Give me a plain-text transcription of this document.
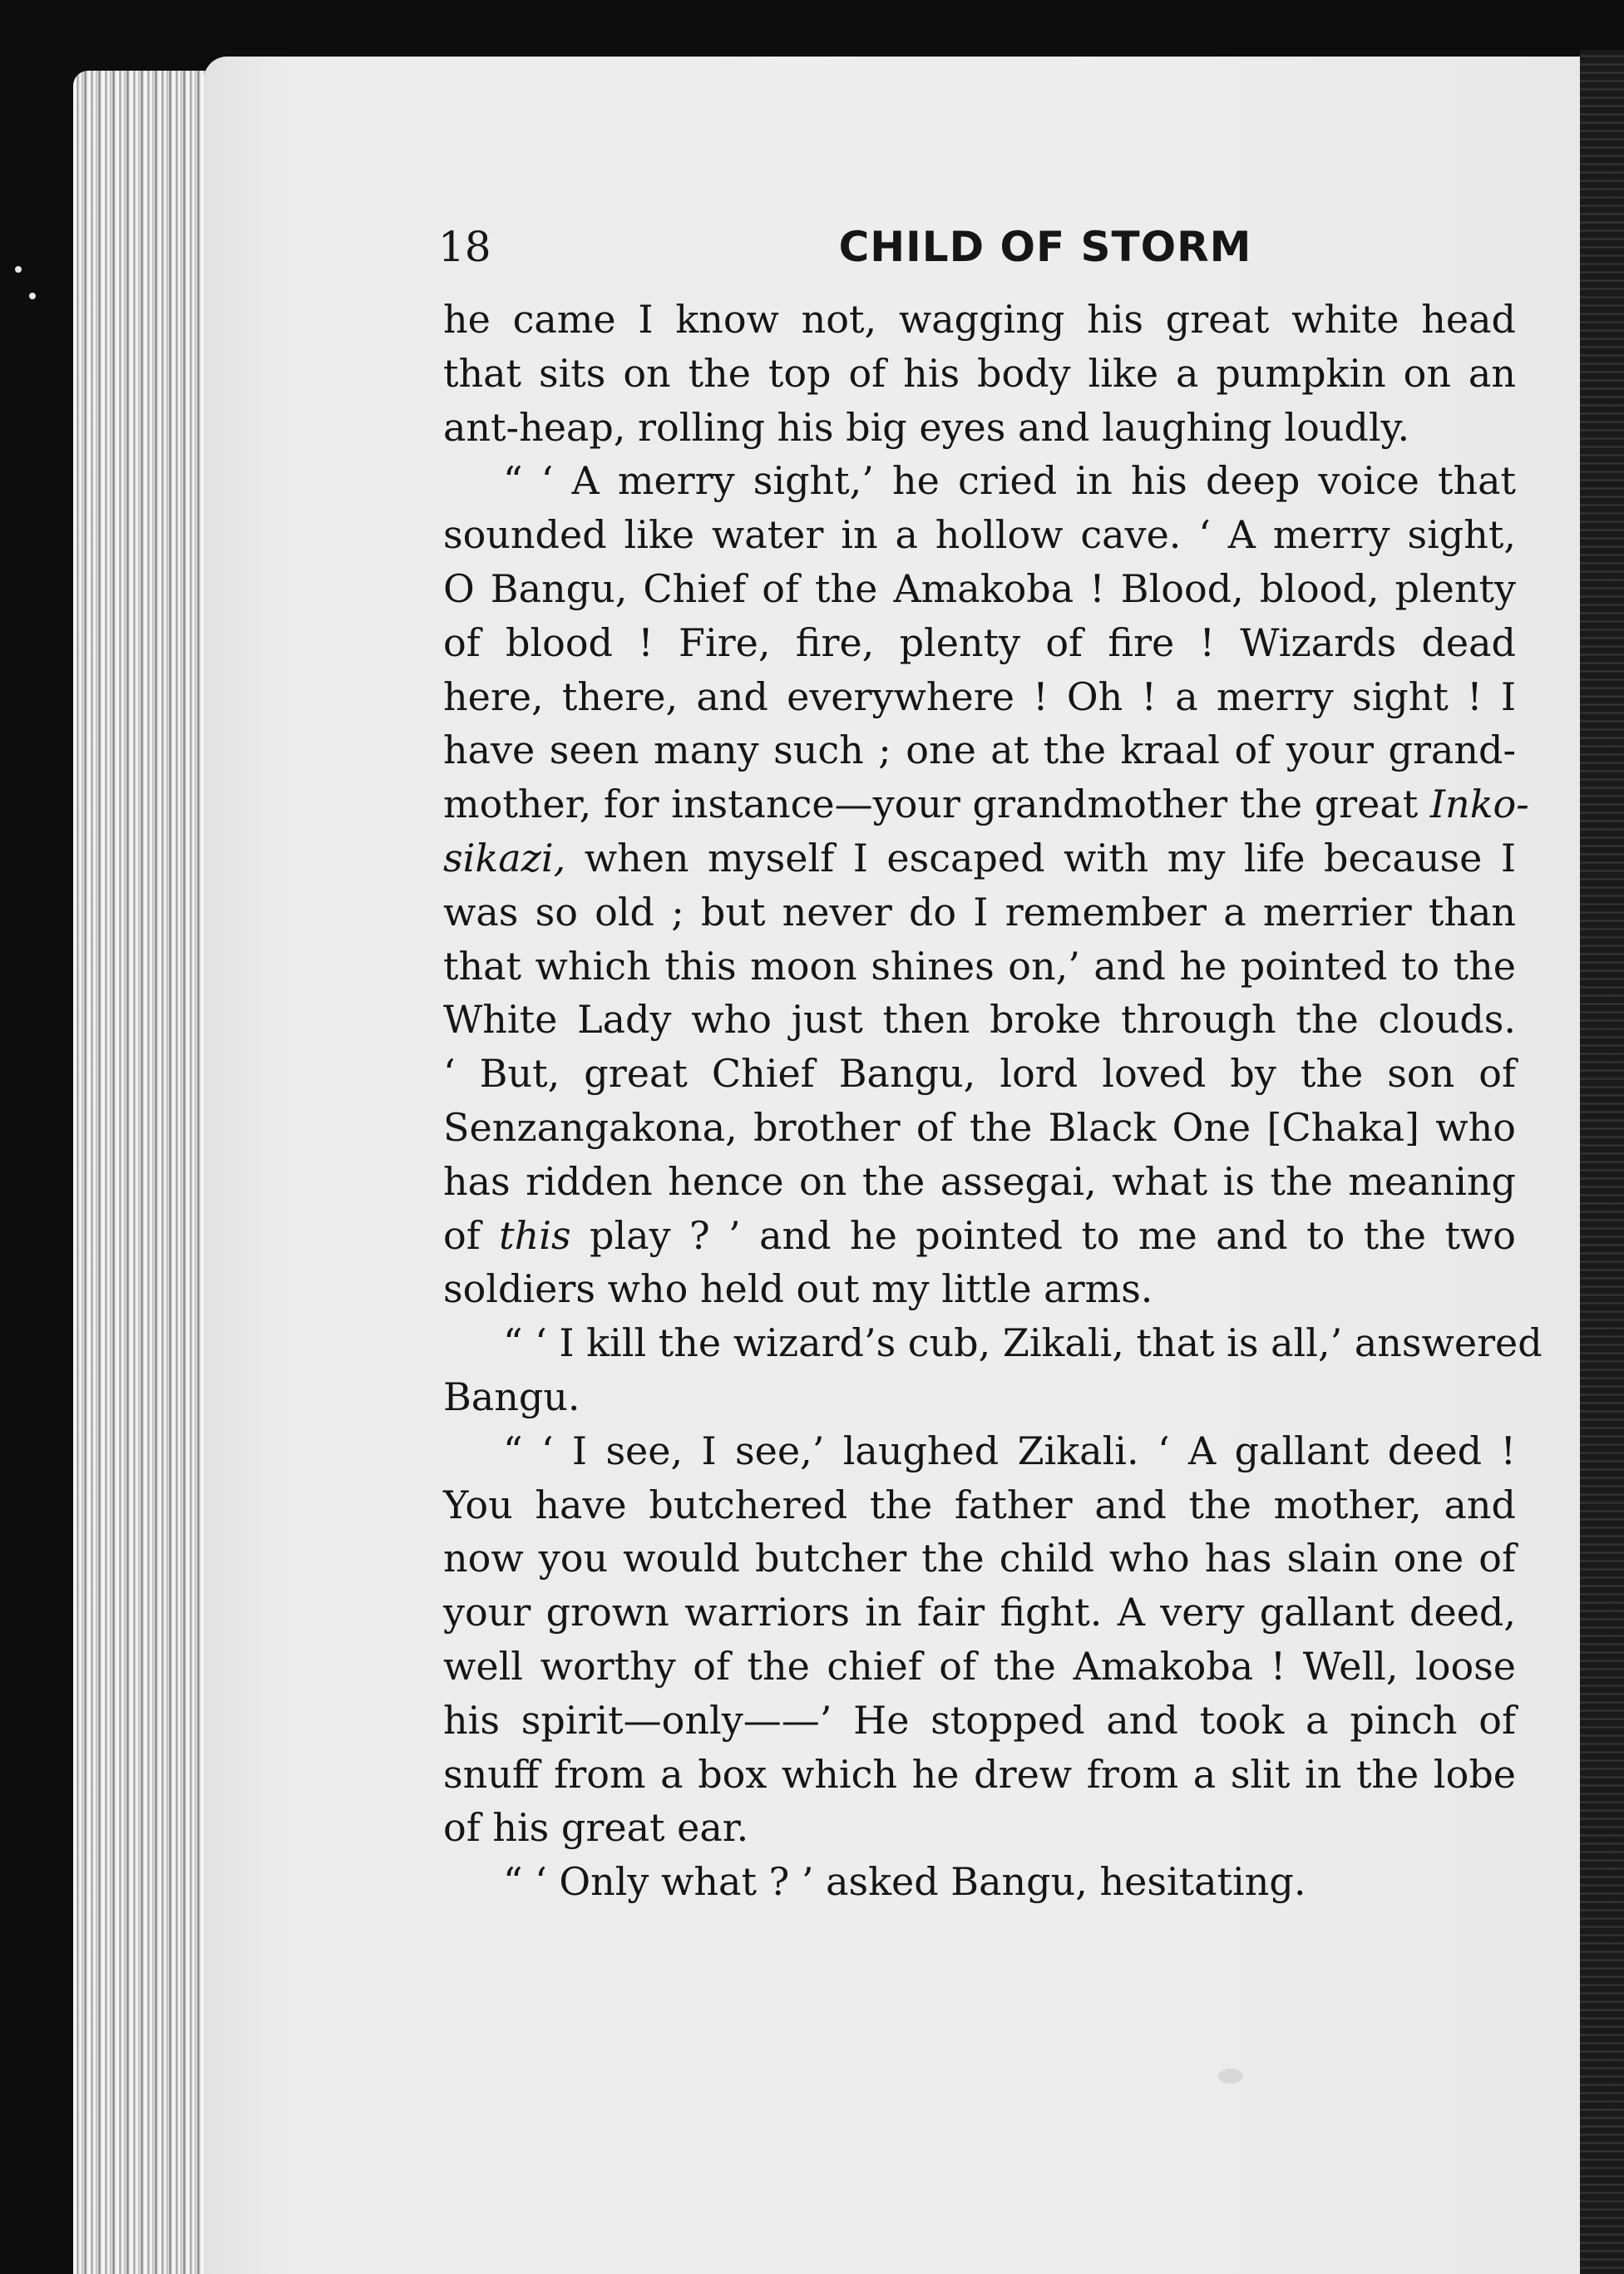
18	CHILD OF STORM
he came I know not, wagging his great white head
that sits on the top of his body like a pumpkin on an
ant-heap, rolling his big eyes and laughing loudly.
“ ‘ A merry sight,’ he cried in his deep voice that
sounded like water in a hollow cave. ‘ A merry sight,
O Bangu, Chief of the Amakoba ! Blood, blood, plenty
of blood ! Fire, fire, plenty of fire ! Wizards dead
here, there, and everywhere ! Oh ! a merry sight ! I
have seen many such ; one at the kraal of your grand-
mother, for instance—your grandmother the great Inko-
sikazi, when myself I escaped with my life because I
was so old ; but never do I remember a merrier than
that which this moon shines on,’ and he pointed to the
White Lady who just then broke through the clouds.
‘ But, great Chief Bangu, lord loved by the son of
Senzangakona, brother of the Black One [Chaka] who
has ridden hence on the assegai, what is the meaning
of this play ? ’ and he pointed to me and to the two
soldiers who held out my little arms.
“ ‘ I kill the wizard’s cub, Zikali, that is all,’ answered
Bangu.
“ ‘ I see, I see,’ laughed Zikali. ‘ A gallant deed !
You have butchered the father and the mother, and
now you would butcher the child who has slain one of
your grown warriors in fair fight. A very gallant deed,
well worthy of the chief of the Amakoba ! Well, loose
his spirit—only——’ He stopped and took a pinch of
snuff from a box which he drew from a slit in the lobe
of his great ear.
“ ‘ Only what ? ’ asked Bangu, hesitating.
